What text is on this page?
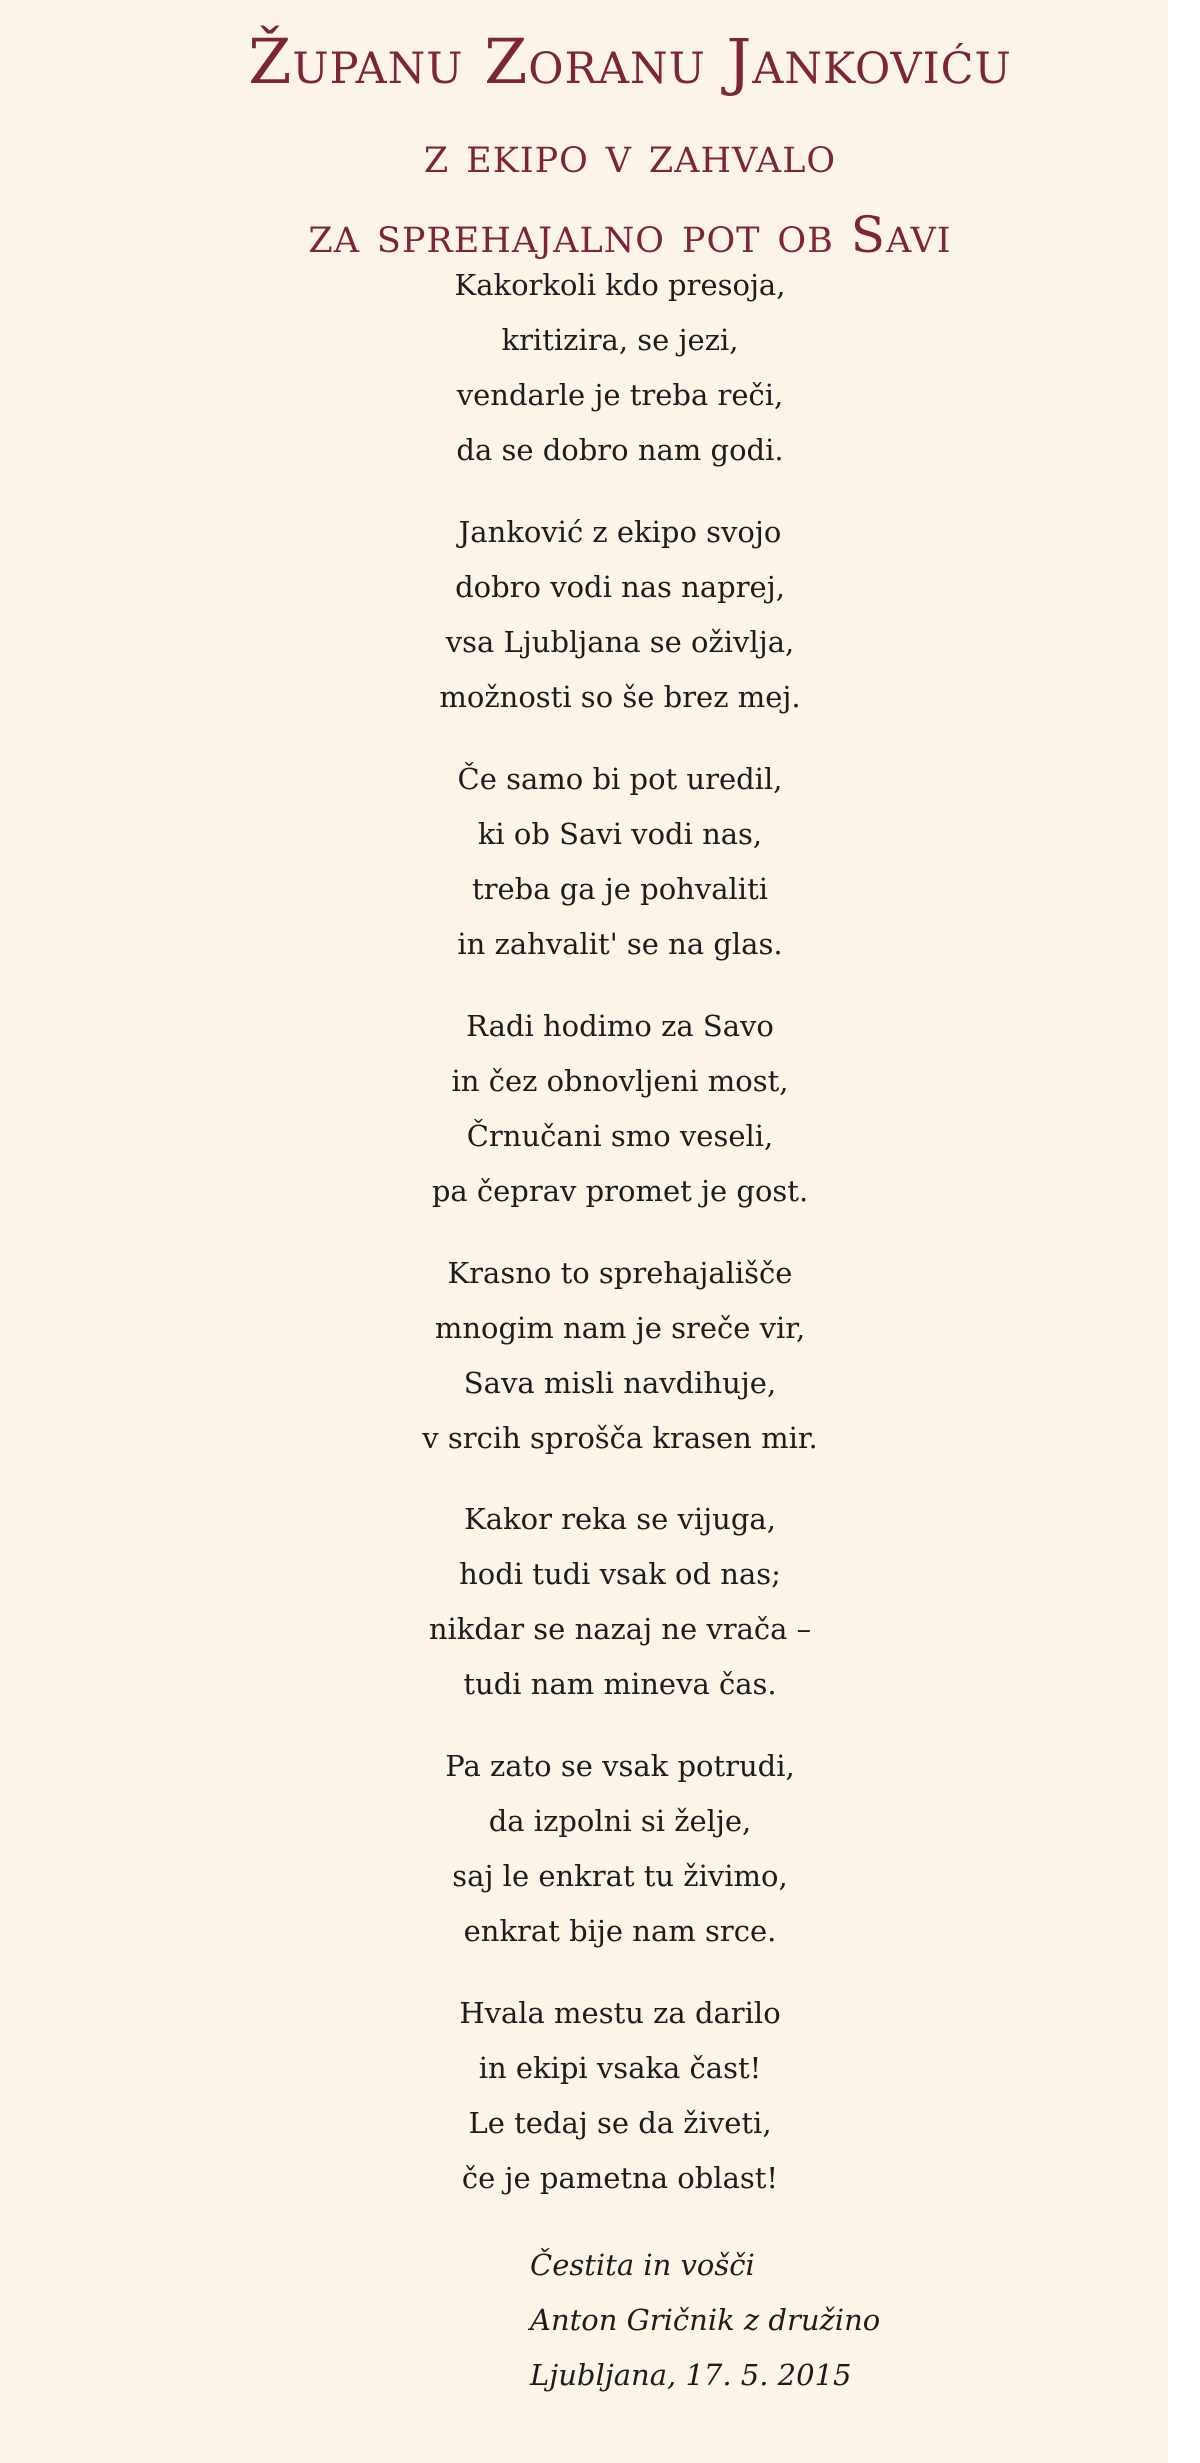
Županu Zoranu Jankoviću
z ekipo v zahvalo
za sprehajalno pot ob Savi
Kakorkoli kdo presoja,
kritizira, se jezi,
vendarle je treba reči,
da se dobro nam godi.
Janković z ekipo svojo
dobro vodi nas naprej,
vsa Ljubljana se oživlja,
možnosti so še brez mej.
Če samo bi pot uredil,
ki ob Savi vodi nas,
treba ga je pohvaliti
in zahvalit' se na glas.
Radi hodimo za Savo
in čez obnovljeni most,
Črnučani smo veseli,
pa čeprav promet je gost.
Krasno to sprehajališče
mnogim nam je sreče vir,
Sava misli navdihuje,
v srcih sprošča krasen mir.
Kakor reka se vijuga,
hodi tudi vsak od nas;
nikdar se nazaj ne vrača –
tudi nam mineva čas.
Pa zato se vsak potrudi,
da izpolni si želje,
saj le enkrat tu živimo,
enkrat bije nam srce.
Hvala mestu za darilo
in ekipi vsaka čast!
Le tedaj se da živeti,
če je pametna oblast!
Čestita in vošči
Anton Gričnik z družino
Ljubljana, 17. 5. 2015
